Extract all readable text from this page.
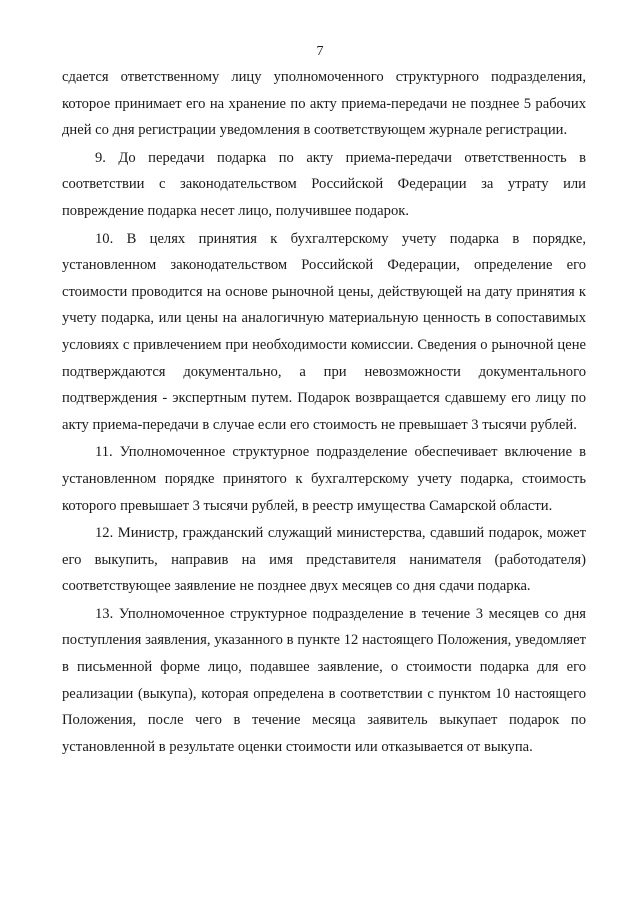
7

сдается ответственному лицу уполномоченного структурного подразделения, которое принимает его на хранение по акту приема-передачи не позднее 5 рабочих дней со дня регистрации уведомления в соответствующем журнале регистрации.

9. До передачи подарка по акту приема-передачи ответственность в соответствии с законодательством Российской Федерации за утрату или повреждение подарка несет лицо, получившее подарок.

10. В целях принятия к бухгалтерскому учету подарка в порядке, установленном законодательством Российской Федерации, определение его стоимости проводится на основе рыночной цены, действующей на дату принятия к учету подарка, или цены на аналогичную материальную ценность в сопоставимых условиях с привлечением при необходимости комиссии. Сведения о рыночной цене подтверждаются документально, а при невозможности документального подтверждения - экспертным путем. Подарок возвращается сдавшему его лицу по акту приема-передачи в случае если его стоимость не превышает 3 тысячи рублей.

11. Уполномоченное структурное подразделение обеспечивает включение в установленном порядке принятого к бухгалтерскому учету подарка, стоимость которого превышает 3 тысячи рублей, в реестр имущества Самарской области.

12. Министр, гражданский служащий министерства, сдавший подарок, может его выкупить, направив на имя представителя нанимателя (работодателя) соответствующее заявление не позднее двух месяцев со дня сдачи подарка.

13. Уполномоченное структурное подразделение в течение 3 месяцев со дня поступления заявления, указанного в пункте 12 настоящего Положения, уведомляет в письменной форме лицо, подавшее заявление, о стоимости подарка для его реализации (выкупа), которая определена в соответствии с пунктом 10 настоящего Положения, после чего в течение месяца заявитель выкупает подарок по установленной в результате оценки стоимости или отказывается от выкупа.
